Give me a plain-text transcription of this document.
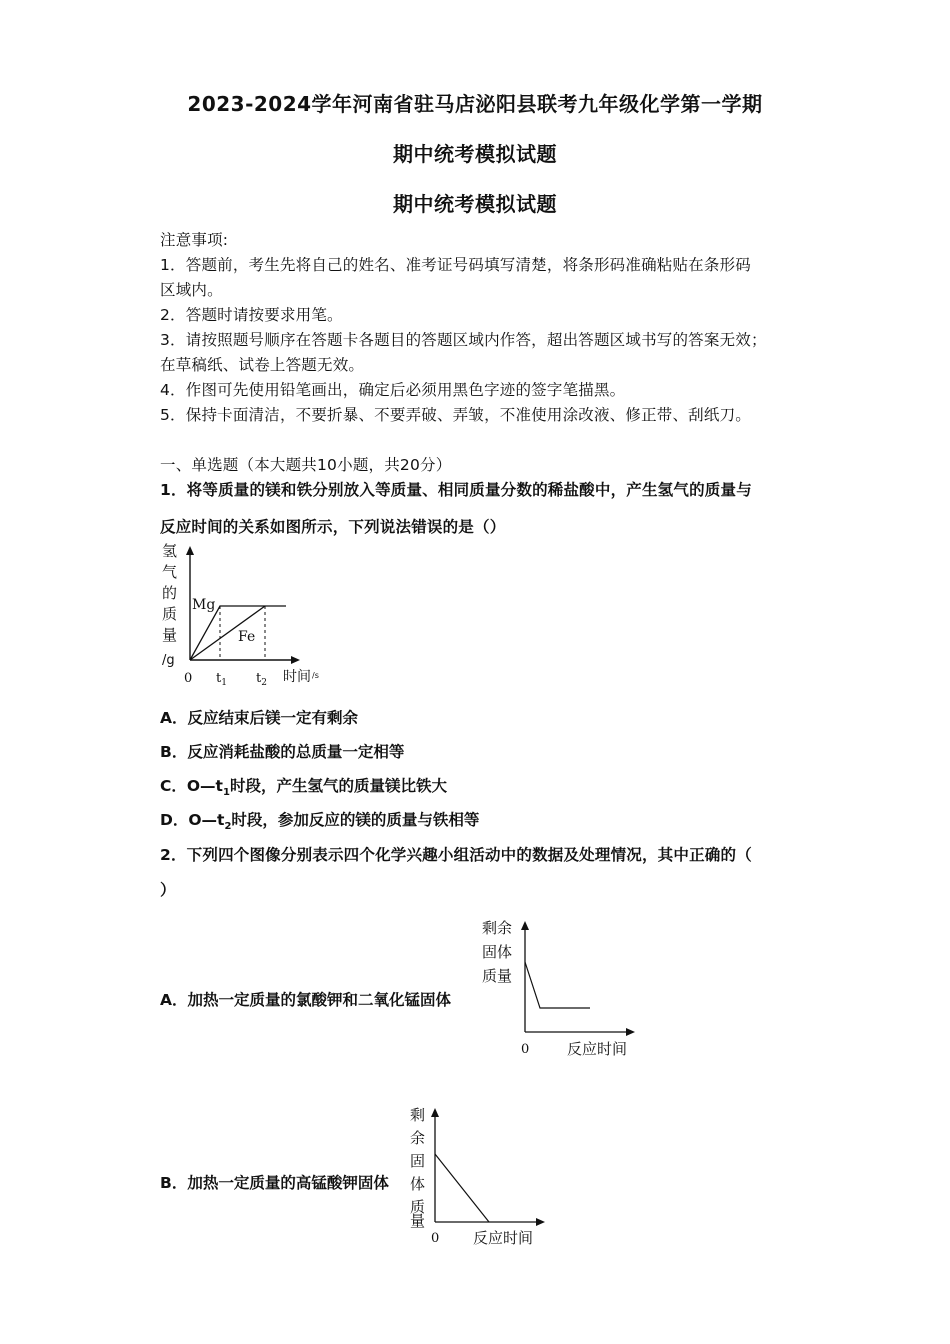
2023-2024学年河南省驻马店泌阳县联考九年级化学第一学期
期中统考模拟试题
期中统考模拟试题
注意事项:
1．答题前，考生先将自己的姓名、准考证号码填写清楚，将条形码准确粘贴在条形码
区域内。
2．答题时请按要求用笔。
3．请按照题号顺序在答题卡各题目的答题区域内作答，超出答题区域书写的答案无效；
在草稿纸、试卷上答题无效。
4．作图可先使用铅笔画出，确定后必须用黑色字迹的签字笔描黑。
5．保持卡面清洁，不要折暴、不要弄破、弄皱，不准使用涂改液、修正带、刮纸刀。
一、单选题（本大题共10小题，共20分）
1．将等质量的镁和铁分别放入等质量、相同质量分数的稀盐酸中，产生氢气的质量与
反应时间的关系如图所示，下列说法错误的是（）
氢
气
的
质
量
/g
Mg
Fe
0 $t_1$ $t_2$ 时间 /s
A．反应结束后镁一定有剩余
B．反应消耗盐酸的总质量一定相等
C．$O—t_1$时段，产生氢气的质量镁比铁大
D．$O—t_2$时段，参加反应的镁的质量与铁相等
2．下列四个图像分别表示四个化学兴趣小组活动中的数据及处理情况，其中正确的（
）
A．加热一定质量的氯酸钾和二氧化锰固体
剩余
固体
质量
0	反应时间
B．加热一定质量的高锰酸钾固体
剩
余
固
体
质
量
0 反应时间
